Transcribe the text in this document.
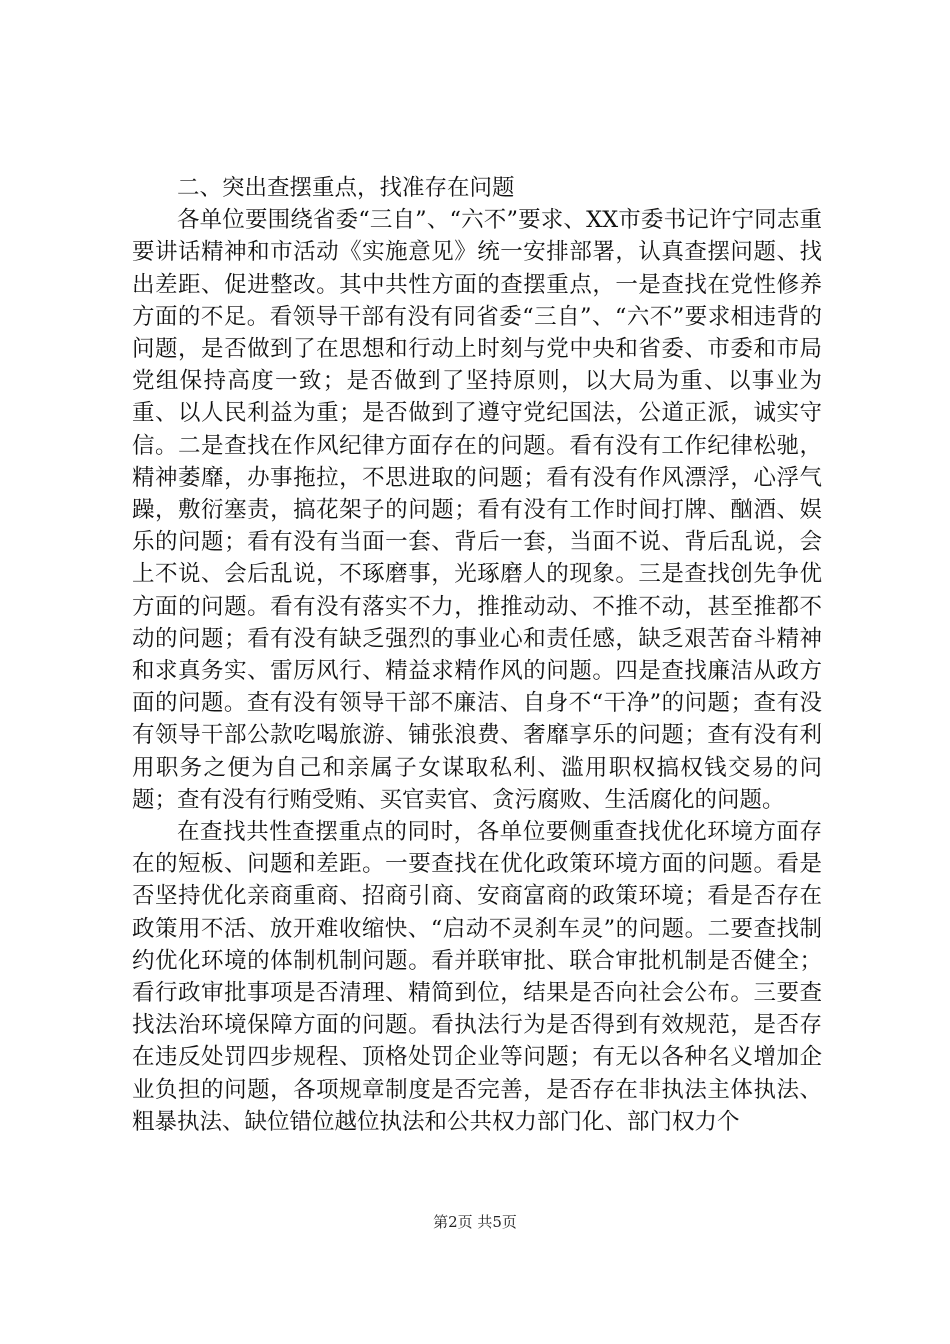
二、突出查摆重点，找准存在问题

各单位要围绕省委“三自”、“六不”要求、XX市委书记许宁同志重要讲话精神和市活动《实施意见》统一安排部署，认真查摆问题、找出差距、促进整改。其中共性方面的查摆重点，一是查找在党性修养方面的不足。看领导干部有没有同省委“三自”、“六不”要求相违背的问题，是否做到了在思想和行动上时刻与党中央和省委、市委和市局党组保持高度一致；是否做到了坚持原则，以大局为重、以事业为重、以人民利益为重；是否做到了遵守党纪国法，公道正派，诚实守信。二是查找在作风纪律方面存在的问题。看有没有工作纪律松驰，精神萎靡，办事拖拉，不思进取的问题；看有没有作风漂浮，心浮气躁，敷衍塞责，搞花架子的问题；看有没有工作时间打牌、酗酒、娱乐的问题；看有没有当面一套、背后一套，当面不说、背后乱说，会上不说、会后乱说，不琢磨事，光琢磨人的现象。三是查找创先争优方面的问题。看有没有落实不力，推推动动、不推不动，甚至推都不动的问题；看有没有缺乏强烈的事业心和责任感，缺乏艰苦奋斗精神和求真务实、雷厉风行、精益求精作风的问题。四是查找廉洁从政方面的问题。查有没有领导干部不廉洁、自身不“干净”的问题；查有没有领导干部公款吃喝旅游、铺张浪费、奢靡享乐的问题；查有没有利用职务之便为自己和亲属子女谋取私利、滥用职权搞权钱交易的问题；查有没有行贿受贿、买官卖官、贪污腐败、生活腐化的问题。

在查找共性查摆重点的同时，各单位要侧重查找优化环境方面存在的短板、问题和差距。一要查找在优化政策环境方面的问题。看是否坚持优化亲商重商、招商引商、安商富商的政策环境；看是否存在政策用不活、放开难收缩快、“启动不灵刹车灵”的问题。二要查找制约优化环境的体制机制问题。看并联审批、联合审批机制是否健全；看行政审批事项是否清理、精简到位，结果是否向社会公布。三要查找法治环境保障方面的问题。看执法行为是否得到有效规范，是否存在违反处罚四步规程、顶格处罚企业等问题；有无以各种名义增加企业负担的问题，各项规章制度是否完善，是否存在非执法主体执法、粗暴执法、缺位错位越位执法和公共权力部门化、部门权力个

第2页 共5页
